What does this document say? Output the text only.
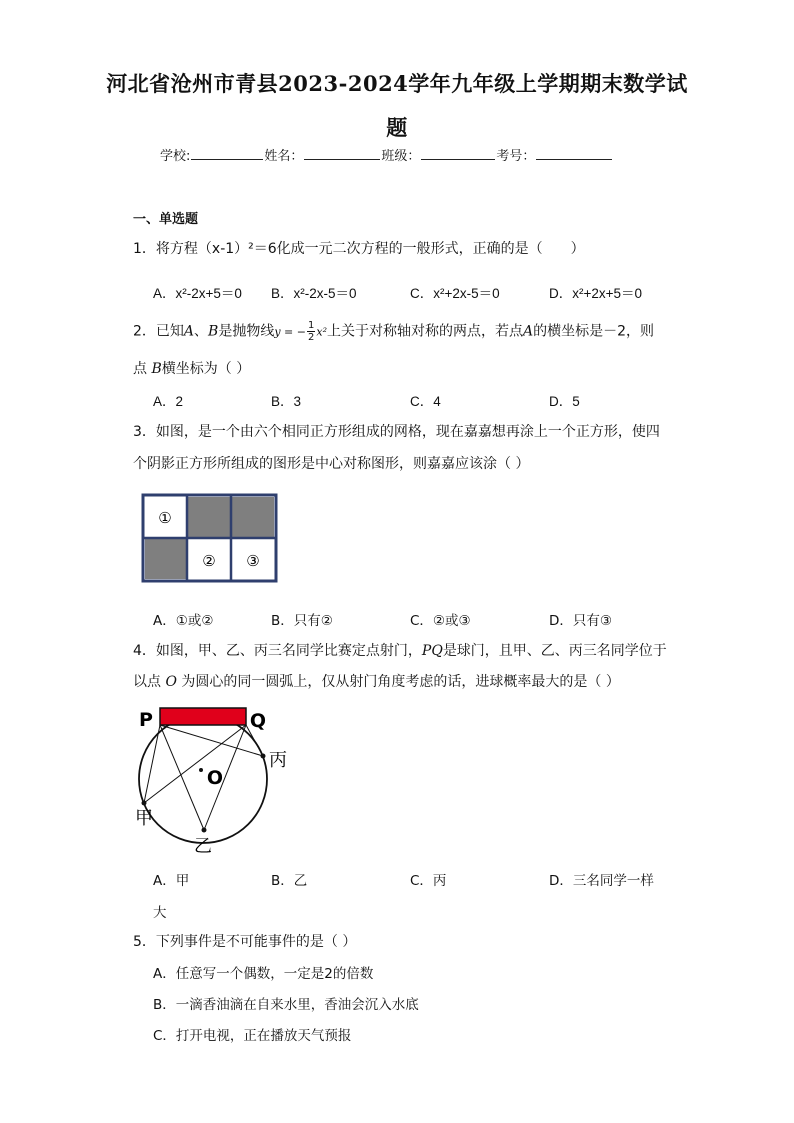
河北省沧州市青县2023-2024学年九年级上学期期末数学试
题
学校:	姓名：	班级：	考号：
一、单选题
1．将方程（x-1）²＝6化成一元二次方程的一般形式，正确的是（　　）
A．x²-2x+5＝0 B．x²-2x-5＝0	C．x²+2x-5＝0	D．x²+2x+5＝0
2．已知A、B是抛物线y = − $\frac{1}{2} x^2$上关于对称轴对称的两点，若点A的横坐标是－2，则
点 B横坐标为（ ）
A．2	B．3	C．4	D．5
3．如图，是一个由六个相同正方形组成的网格，现在嘉嘉想再涂上一个正方形，使四
个阴影正方形所组成的图形是中心对称图形，则嘉嘉应该涂（ ）
①
② ③
A．①或②	B．只有②	C．②或③	D．只有③
4．如图，甲、乙、丙三名同学比赛定点射门，PQ是球门，且甲、乙、丙三名同学位于
以点 O 为圆心的同一圆弧上，仅从射门角度考虑的话，进球概率最大的是（ ）
P	Q
O
丙
甲
乙
A．甲	B．乙	C．丙	D．三名同学一样
大
5．下列事件是不可能事件的是（ ）
A．任意写一个偶数，一定是2的倍数
B．一滴香油滴在自来水里，香油会沉入水底
C．打开电视，正在播放天气预报
